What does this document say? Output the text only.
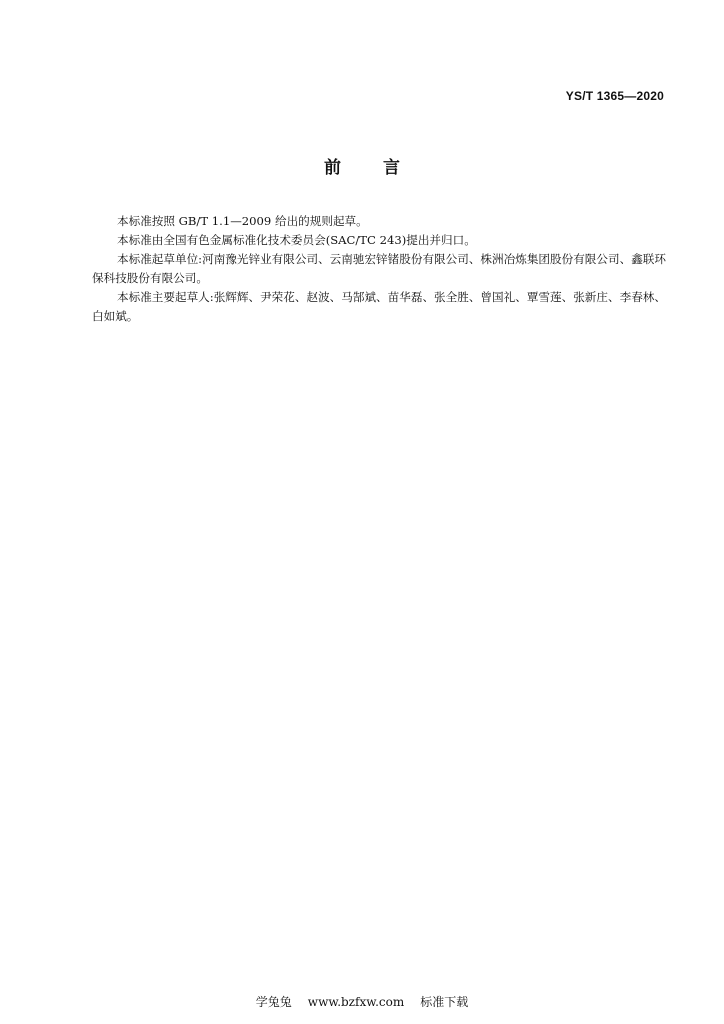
YS/T 1365—2020
前言

本标准按照 GB/T 1.1—2009 给出的规则起草。

本标准由全国有色金属标准化技术委员会(SAC/TC 243)提出并归口。

本标准起草单位:河南豫光锌业有限公司、云南驰宏锌锗股份有限公司、株洲冶炼集团股份有限公司、鑫联环保科技股份有限公司。

本标准主要起草人:张辉辉、尹荣花、赵波、马郜斌、苗华磊、张全胜、曾国礼、覃雪莲、张新庄、李春林、白如斌。

学兔兔 www.bzfxw.com 标准下载
